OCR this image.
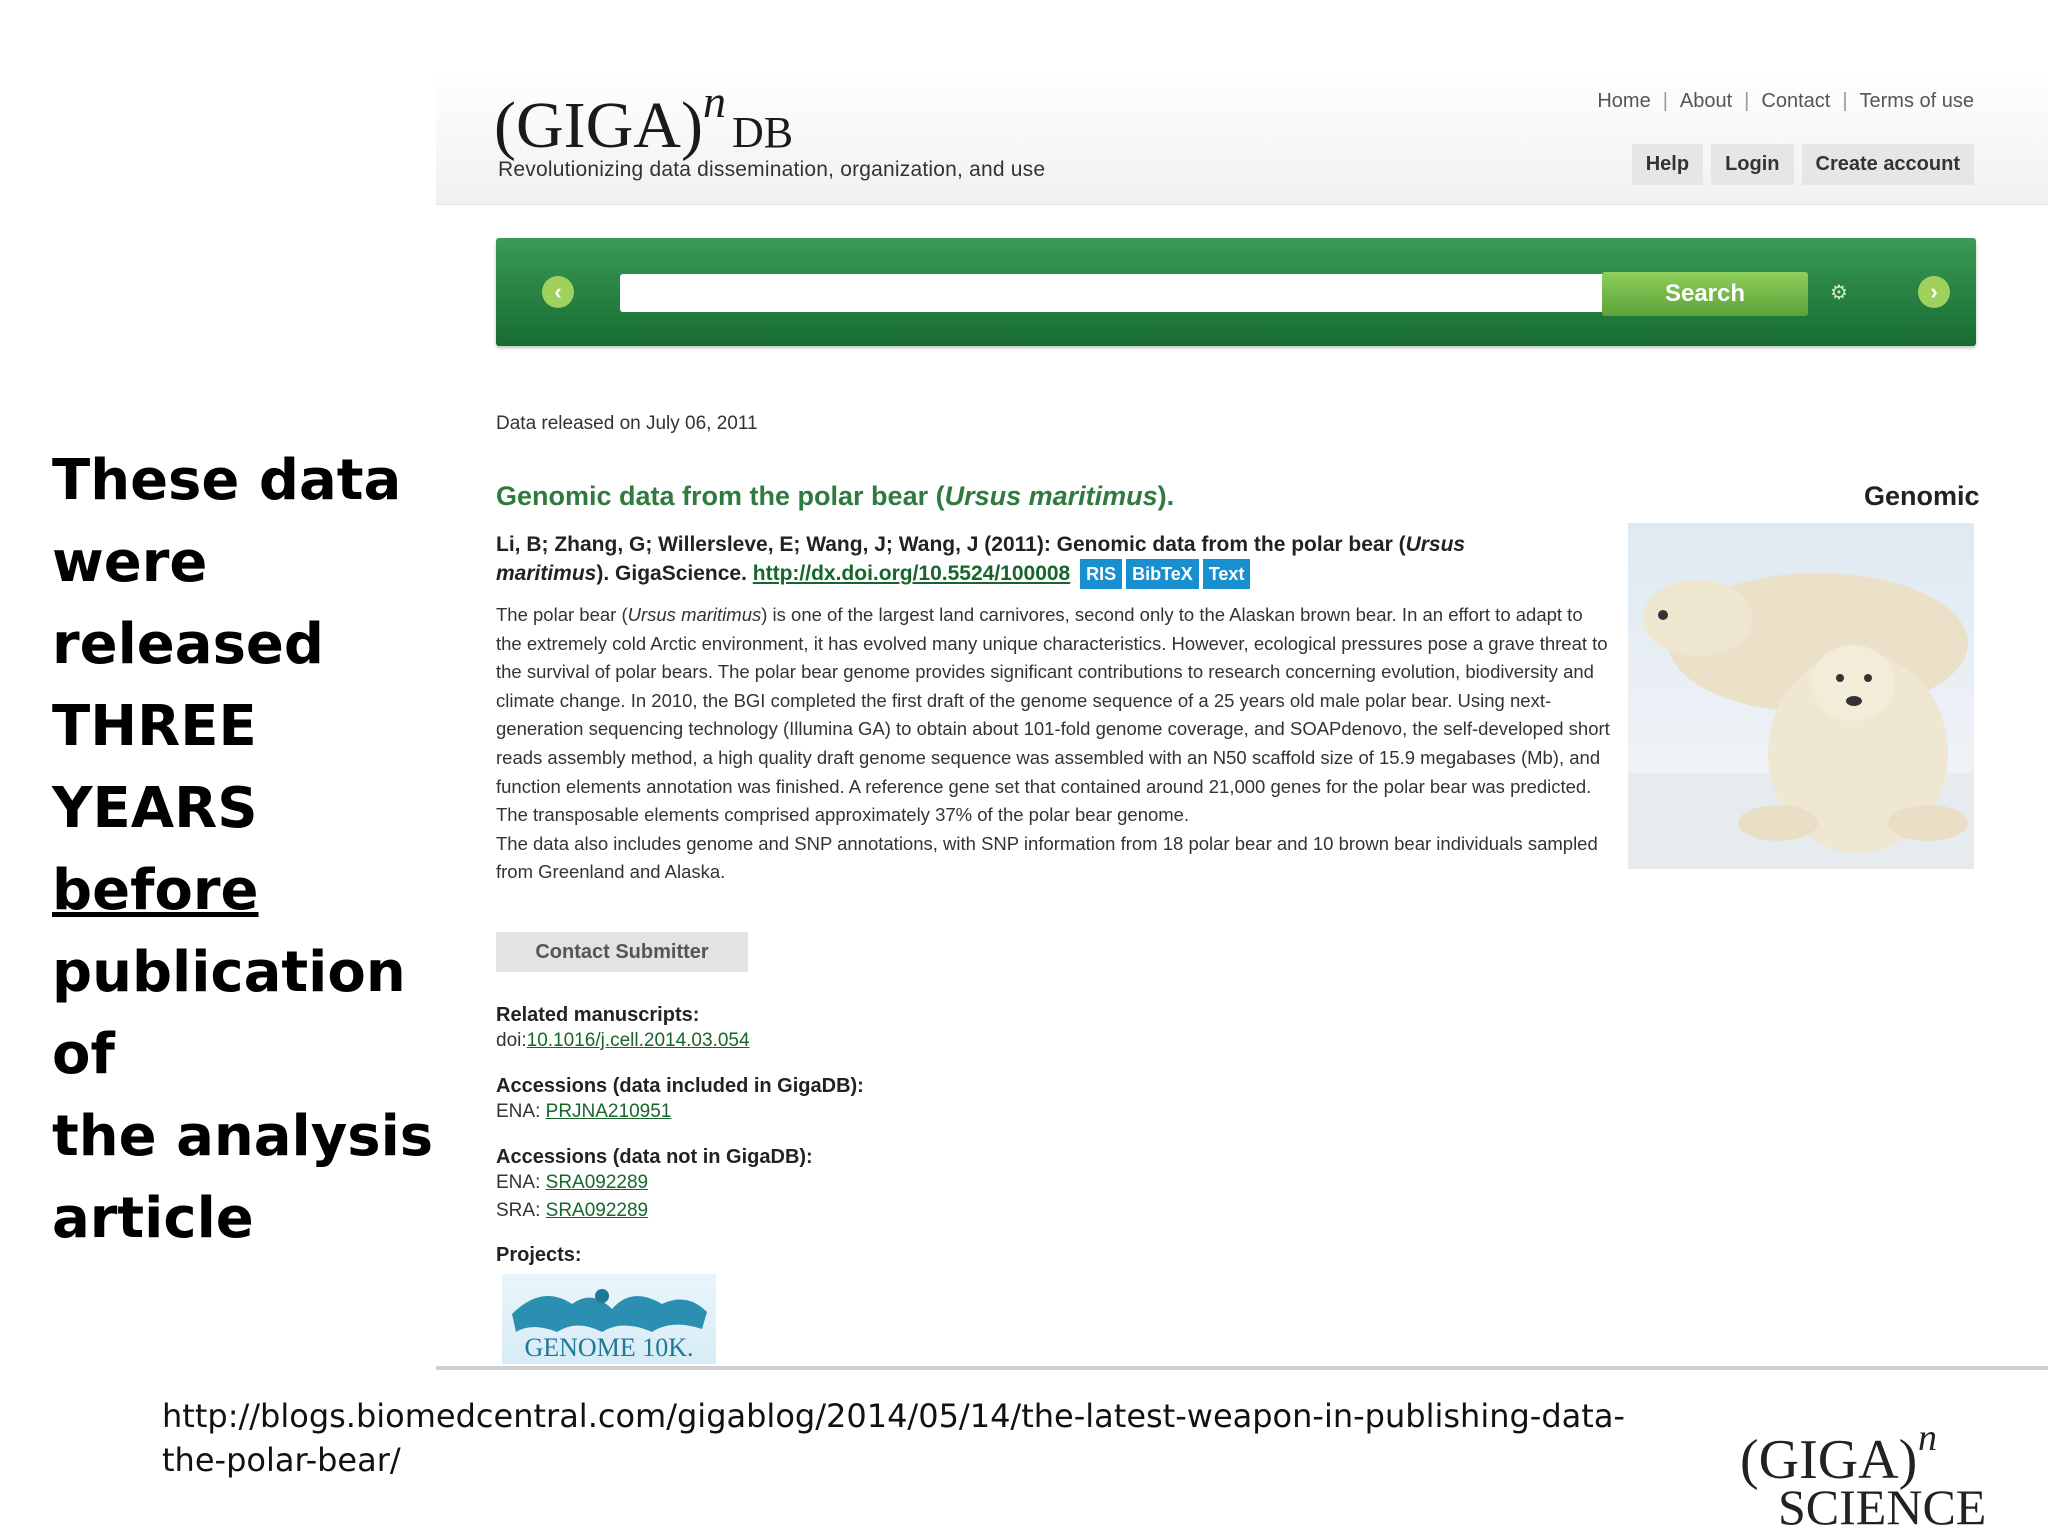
These data
were released
THREE YEARS
before
publication of
the analysis
article
(GIGA)nDB
Revolutionizing data dissemination, organization, and use
Home | About | Contact | Terms of use
Help	Login	Create account
‹	Search	⚙	›
Data released on July 06, 2011
Genomic data from the polar bear (Ursus maritimus).	Genomic
Li, B; Zhang, G; Willersleve, E; Wang, J; Wang, J (2011): Genomic data from the polar bear (Ursus maritimus). GigaScience. http://dx.doi.org/10.5524/100008 RIS BibTeX Text
The polar bear (Ursus maritimus) is one of the largest land carnivores, second only to the Alaskan brown bear. In an effort to adapt to the extremely cold Arctic environment, it has evolved many unique characteristics. However, ecological pressures pose a grave threat to the survival of polar bears. The polar bear genome provides significant contributions to research concerning evolution, biodiversity and climate change. In 2010, the BGI completed the first draft of the genome sequence of a 25 years old male polar bear. Using next-generation sequencing technology (Illumina GA) to obtain about 101-fold genome coverage, and SOAPdenovo, the self-developed short reads assembly method, a high quality draft genome sequence was assembled with an N50 scaffold size of 15.9 megabases (Mb), and function elements annotation was finished. A reference gene set that contained around 21,000 genes for the polar bear was predicted. The transposable elements comprised approximately 37% of the polar bear genome.
The data also includes genome and SNP annotations, with SNP information from 18 polar bear and 10 brown bear individuals sampled from Greenland and Alaska.
Contact Submitter
Related manuscripts:
doi:10.1016/j.cell.2014.03.054
Accessions (data included in GigaDB):
ENA: PRJNA210951
Accessions (data not in GigaDB):
ENA: SRA092289
SRA: SRA092289
Projects:
GENOME 10K.
http://blogs.biomedcentral.com/gigablog/2014/05/14/the-latest-weapon-in-publishing-data-the-polar-bear/	(GIGA) n
SCIENCE
